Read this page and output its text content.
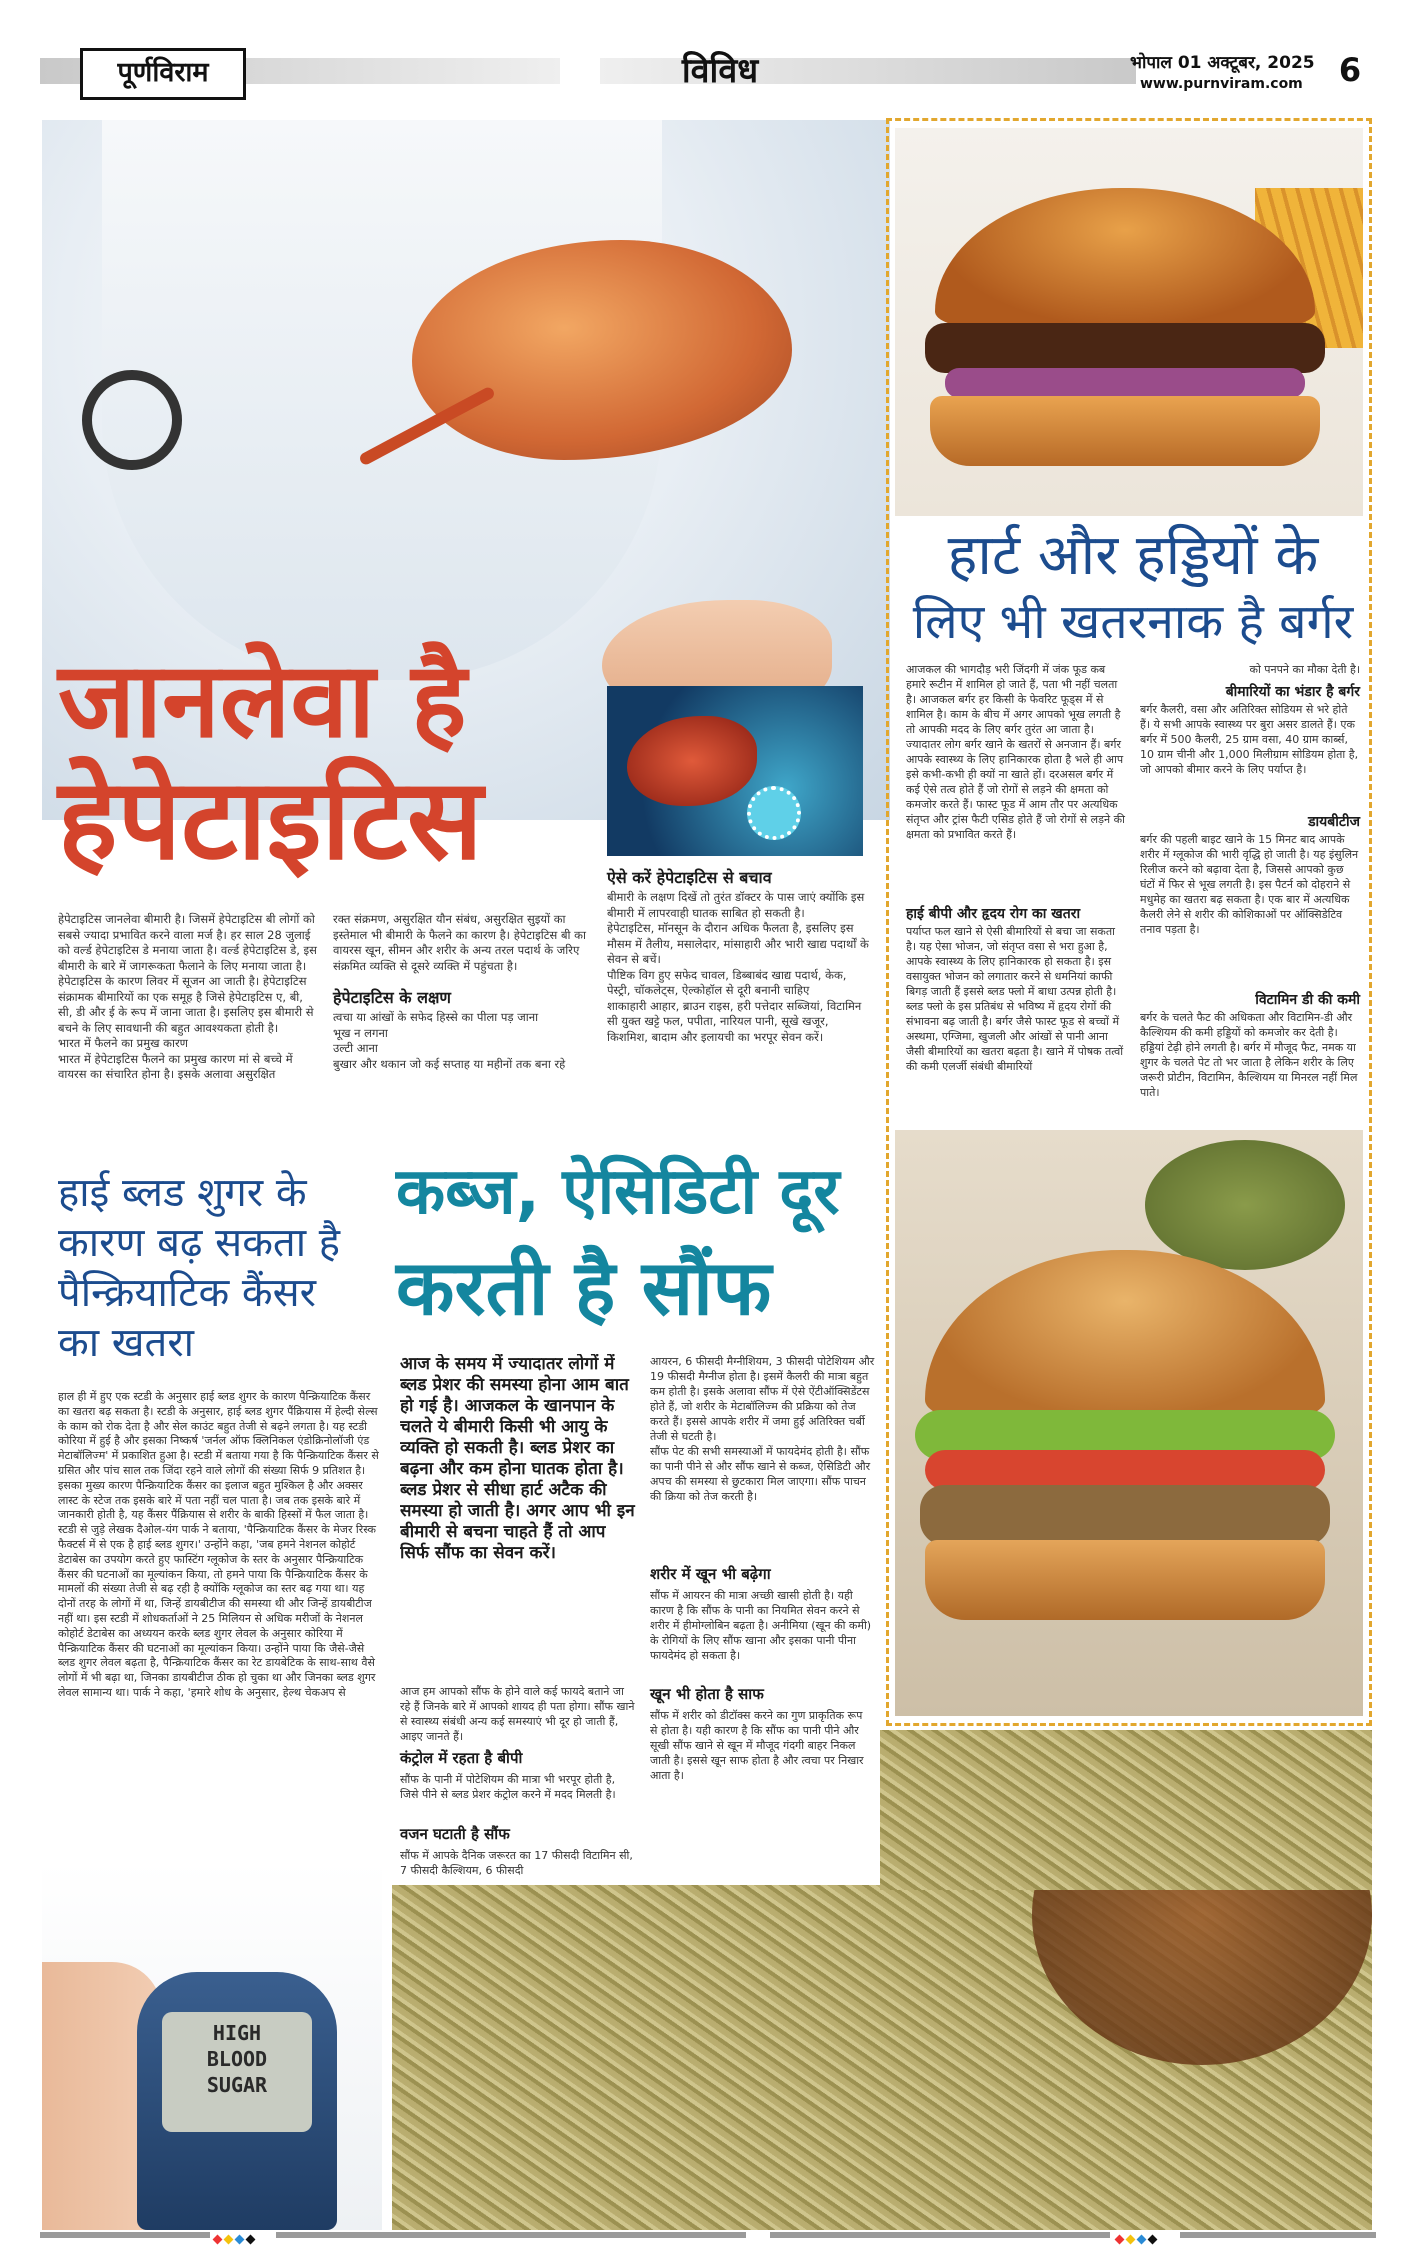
पूर्णविराम	विविध	भोपाल 01 अक्टूबर, 2025
www.purnviram.com	6
जानलेवा है
हेपेटाइटिस
हेपेटाइटिस जानलेवा बीमारी है। जिसमें हेपेटाइटिस बी लोगों को सबसे ज्यादा प्रभावित करने वाला मर्ज है। हर साल 28 जुलाई को वर्ल्ड हेपेटाइटिस डे मनाया जाता है। वर्ल्ड हेपेटाइटिस डे, इस बीमारी के बारे में जागरूकता फैलाने के लिए मनाया जाता है। हेपेटाइटिस के कारण लिवर में सूजन आ जाती है। हेपेटाइटिस संक्रामक बीमारियों का एक समूह है जिसे हेपेटाइटिस ए, बी, सी, डी और ई के रूप में जाना जाता है। इसलिए इस बीमारी से बचने के लिए सावधानी की बहुत आवश्यकता होती है।
भारत में फैलने का प्रमुख कारण
भारत में हेपेटाइटिस फैलने का प्रमुख कारण मां से बच्चे में वायरस का संचारित होना है। इसके अलावा असुरक्षित
रक्त संक्रमण, असुरक्षित यौन संबंध, असुरक्षित सुइयों का इस्तेमाल भी बीमारी के फैलने का कारण है। हेपेटाइटिस बी का वायरस खून, सीमन और शरीर के अन्य तरल पदार्थ के जरिए संक्रमित व्यक्ति से दूसरे व्यक्ति में पहुंचता है।
हेपेटाइटिस के लक्षण
त्वचा या आंखों के सफेद हिस्से का पीला पड़ जाना
भूख न लगना
उल्टी आना
बुखार और थकान जो कई सप्ताह या महीनों तक बना रहे
ऐसे करें हेपेटाइटिस से बचाव
बीमारी के लक्षण दिखें तो तुरंत डॉक्टर के पास जाएं क्योंकि इस बीमारी में लापरवाही घातक साबित हो सकती है।
हेपेटाइटिस, मॉनसून के दौरान अधिक फैलता है, इसलिए इस मौसम में तैलीय, मसालेदार, मांसाहारी और भारी खाद्य पदार्थों के सेवन से बचें।
पौष्टिक विग हुए सफेद चावल, डिब्बाबंद खाद्य पदार्थ, केक, पेस्ट्री, चॉकलेट्स, ऐल्कोहॉल से दूरी बनानी चाहिए
शाकाहारी आहार, ब्राउन राइस, हरी पत्तेदार सब्जियां, विटामिन सी युक्त खट्टे फल, पपीता, नारियल पानी, सूखे खजूर, किशमिश, बादाम और इलायची का भरपूर सेवन करें।
हार्ट और हड्डियों के
लिए भी खतरनाक है बर्गर
आजकल की भागदौड़ भरी जिंदगी में जंक फूड कब हमारे रूटीन में शामिल हो जाते हैं, पता भी नहीं चलता है। आजकल बर्गर हर किसी के फेवरिट फूड्स में से शामिल है। काम के बीच में अगर आपको भूख लगती है तो आपकी मदद के लिए बर्गर तुरंत आ जाता है। ज्यादातर लोग बर्गर खाने के खतरों से अनजान हैं। बर्गर आपके स्वास्थ्य के लिए हानिकारक होता है भले ही आप इसे कभी-कभी ही क्यों ना खाते हों। दरअसल बर्गर में कई ऐसे तत्व होते हैं जो रोगों से लड़ने की क्षमता को कमजोर करते हैं। फास्ट फूड में आम तौर पर अत्यधिक संतृप्त और ट्रांस फैटी एसिड होते हैं जो रोगों से लड़ने की क्षमता को प्रभावित करते हैं।
हाई बीपी और हृदय रोग का खतरा
पर्याप्त फल खाने से ऐसी बीमारियों से बचा जा सकता है। यह ऐसा भोजन, जो संतृप्त वसा से भरा हुआ है, आपके स्वास्थ्य के लिए हानिकारक हो सकता है। इस वसायुक्त भोजन को लगातार करने से धमनियां काफी बिगड़ जाती हैं इससे ब्लड फ्लो में बाधा उत्पन्न होती है। ब्लड फ्लो के इस प्रतिबंध से भविष्य में हृदय रोगों की संभावना बढ़ जाती है। बर्गर जैसे फास्ट फूड से बच्चों में अस्थमा, एग्जिमा, खुजली और आंखों से पानी आना जैसी बीमारियों का खतरा बढ़ता है। खाने में पोषक तत्वों की कमी एलर्जी संबंधी बीमारियों
को पनपने का मौका देती है।
बीमारियों का भंडार है बर्गर
बर्गर कैलरी, वसा और अतिरिक्त सोडियम से भरे होते हैं। ये सभी आपके स्वास्थ्य पर बुरा असर डालते हैं। एक बर्गर में 500 कैलरी, 25 ग्राम वसा, 40 ग्राम कार्ब्स, 10 ग्राम चीनी और 1,000 मिलीग्राम सोडियम होता है, जो आपको बीमार करने के लिए पर्याप्त है।
डायबीटीज
बर्गर की पहली बाइट खाने के 15 मिनट बाद आपके शरीर में ग्लूकोज की भारी वृद्धि हो जाती है। यह इंसुलिन रिलीज करने को बढ़ावा देता है, जिससे आपको कुछ घंटों में फिर से भूख लगती है। इस पैटर्न को दोहराने से मधुमेह का खतरा बढ़ सकता है। एक बार में अत्यधिक कैलरी लेने से शरीर की कोशिकाओं पर ऑक्सिडेटिव तनाव पड़ता है।
विटामिन डी की कमी
बर्गर के चलते फैट की अधिकता और विटामिन-डी और कैल्शियम की कमी हड्डियों को कमजोर कर देती है। हड्डियां टेढ़ी होने लगती है। बर्गर में मौजूद फैट, नमक या शुगर के चलते पेट तो भर जाता है लेकिन शरीर के लिए जरूरी प्रोटीन, विटामिन, कैल्शियम या मिनरल नहीं मिल पाते।
हाई ब्लड शुगर के कारण बढ़ सकता है पैन्क्रियाटिक कैंसर का खतरा
हाल ही में हुए एक स्टडी के अनुसार हाई ब्लड शुगर के कारण पैन्क्रियाटिक कैंसर का खतरा बढ़ सकता है। स्टडी के अनुसार, हाई ब्लड शुगर पैंक्रियास में हेल्दी सेल्स के काम को रोक देता है और सेल काउंट बहुत तेजी से बढ़ने लगता है। यह स्टडी कोरिया में हुई है और इसका निष्कर्ष 'जर्नल ऑफ क्लिनिकल एंडोक्रिनोलॉजी एंड मेटाबॉलिज्म' में प्रकाशित हुआ है। स्टडी में बताया गया है कि पैन्क्रियाटिक कैंसर से ग्रसित और पांच साल तक जिंदा रहने वाले लोगों की संख्या सिर्फ 9 प्रतिशत है। इसका मुख्य कारण पैन्क्रियाटिक कैंसर का इलाज बहुत मुश्किल है और अक्सर लास्ट के स्टेज तक इसके बारे में पता नहीं चल पाता है। जब तक इसके बारे में जानकारी होती है, यह कैंसर पैंक्रियास से शरीर के बाकी हिस्सों में फैल जाता है। स्टडी से जुड़े लेखक दैओल-यंग पार्क ने बताया, 'पैन्क्रियाटिक कैंसर के मेजर रिस्क फैक्टर्स में से एक है हाई ब्लड शुगर।' उन्होंने कहा, 'जब हमने नेशनल कोहोर्ट डेटाबेस का उपयोग करते हुए फास्टिंग ग्लूकोज के स्तर के अनुसार पैन्क्रियाटिक कैंसर की घटनाओं का मूल्यांकन किया, तो हमने पाया कि पैन्क्रियाटिक कैंसर के मामलों की संख्या तेजी से बढ़ रही है क्योंकि ग्लूकोज का स्तर बढ़ गया था। यह दोनों तरह के लोगों में था, जिन्हें डायबीटीज की समस्या थी और जिन्हें डायबीटीज नहीं था। इस स्टडी में शोधकर्ताओं ने 25 मिलियन से अधिक मरीजों के नेशनल कोहोर्ट डेटाबेस का अध्ययन करके ब्लड शुगर लेवल के अनुसार कोरिया में पैन्क्रियाटिक कैंसर की घटनाओं का मूल्यांकन किया। उन्होंने पाया कि जैसे-जैसे ब्लड शुगर लेवल बढ़ता है, पैन्क्रियाटिक कैंसर का रेट डायबेटिक के साथ-साथ वैसे लोगों में भी बढ़ा था, जिनका डायबीटीज ठीक हो चुका था और जिनका ब्लड शुगर लेवल सामान्य था। पार्क ने कहा, 'हमारे शोध के अनुसार, हेल्थ चेकअप से
HIGH
BLOOD
SUGAR
कब्ज, ऐसिडिटी दूर
करती है सौंफ
आज के समय में ज्यादातर लोगों में ब्लड प्रेशर की समस्या होना आम बात हो गई है। आजकल के खानपान के चलते ये बीमारी किसी भी आयु के व्यक्ति हो सकती है। ब्लड प्रेशर का बढ़ना और कम होना घातक होता है। ब्लड प्रेशर से सीधा हार्ट अटैक की समस्या हो जाती है। अगर आप भी इन बीमारी से बचना चाहते हैं तो आप सिर्फ सौंफ का सेवन करें।
आज हम आपको सौंफ के होने वाले कई फायदे बताने जा रहे हैं जिनके बारे में आपको शायद ही पता होगा। सौंफ खाने से स्वास्थ्य संबंधी अन्य कई समस्याएं भी दूर हो जाती हैं, आइए जानते हैं।
कंट्रोल में रहता है बीपी
सौंफ के पानी में पोटेशियम की मात्रा भी भरपूर होती है, जिसे पीने से ब्लड प्रेशर कंट्रोल करने में मदद मिलती है।
वजन घटाती है सौंफ
सौंफ में आपके दैनिक जरूरत का 17 फीसदी विटामिन सी, 7 फीसदी कैल्शियम, 6 फीसदी
आयरन, 6 फीसदी मैग्नीशियम, 3 फीसदी पोटेशियम और 19 फीसदी मैग्नीज होता है। इसमें कैलरी की मात्रा बहुत कम होती है। इसके अलावा सौंफ में ऐसे ऐंटीऑक्सिडेंटस होते हैं, जो शरीर के मेटाबॉलिज्म की प्रक्रिया को तेज करते हैं। इससे आपके शरीर में जमा हुई अतिरिक्त चर्बी तेजी से घटती है।
सौंफ पेट की सभी समस्याओं में फायदेमंद होती है। सौंफ का पानी पीने से और सौंफ खाने से कब्ज, ऐसिडिटी और अपच की समस्या से छुटकारा मिल जाएगा। सौंफ पाचन की क्रिया को तेज करती है।
शरीर में खून भी बढ़ेगा
सौंफ में आयरन की मात्रा अच्छी खासी होती है। यही कारण है कि सौंफ के पानी का नियमित सेवन करने से शरीर में हीमोग्लोबिन बढ़ता है। अनीमिया (खून की कमी) के रोगियों के लिए सौंफ खाना और इसका पानी पीना फायदेमंद हो सकता है।
खून भी होता है साफ
सौंफ में शरीर को डीटॉक्स करने का गुण प्राकृतिक रूप से होता है। यही कारण है कि सौंफ का पानी पीने और सूखी सौंफ खाने से खून में मौजूद गंदगी बाहर निकल जाती है। इससे खून साफ होता है और त्वचा पर निखार आता है।
